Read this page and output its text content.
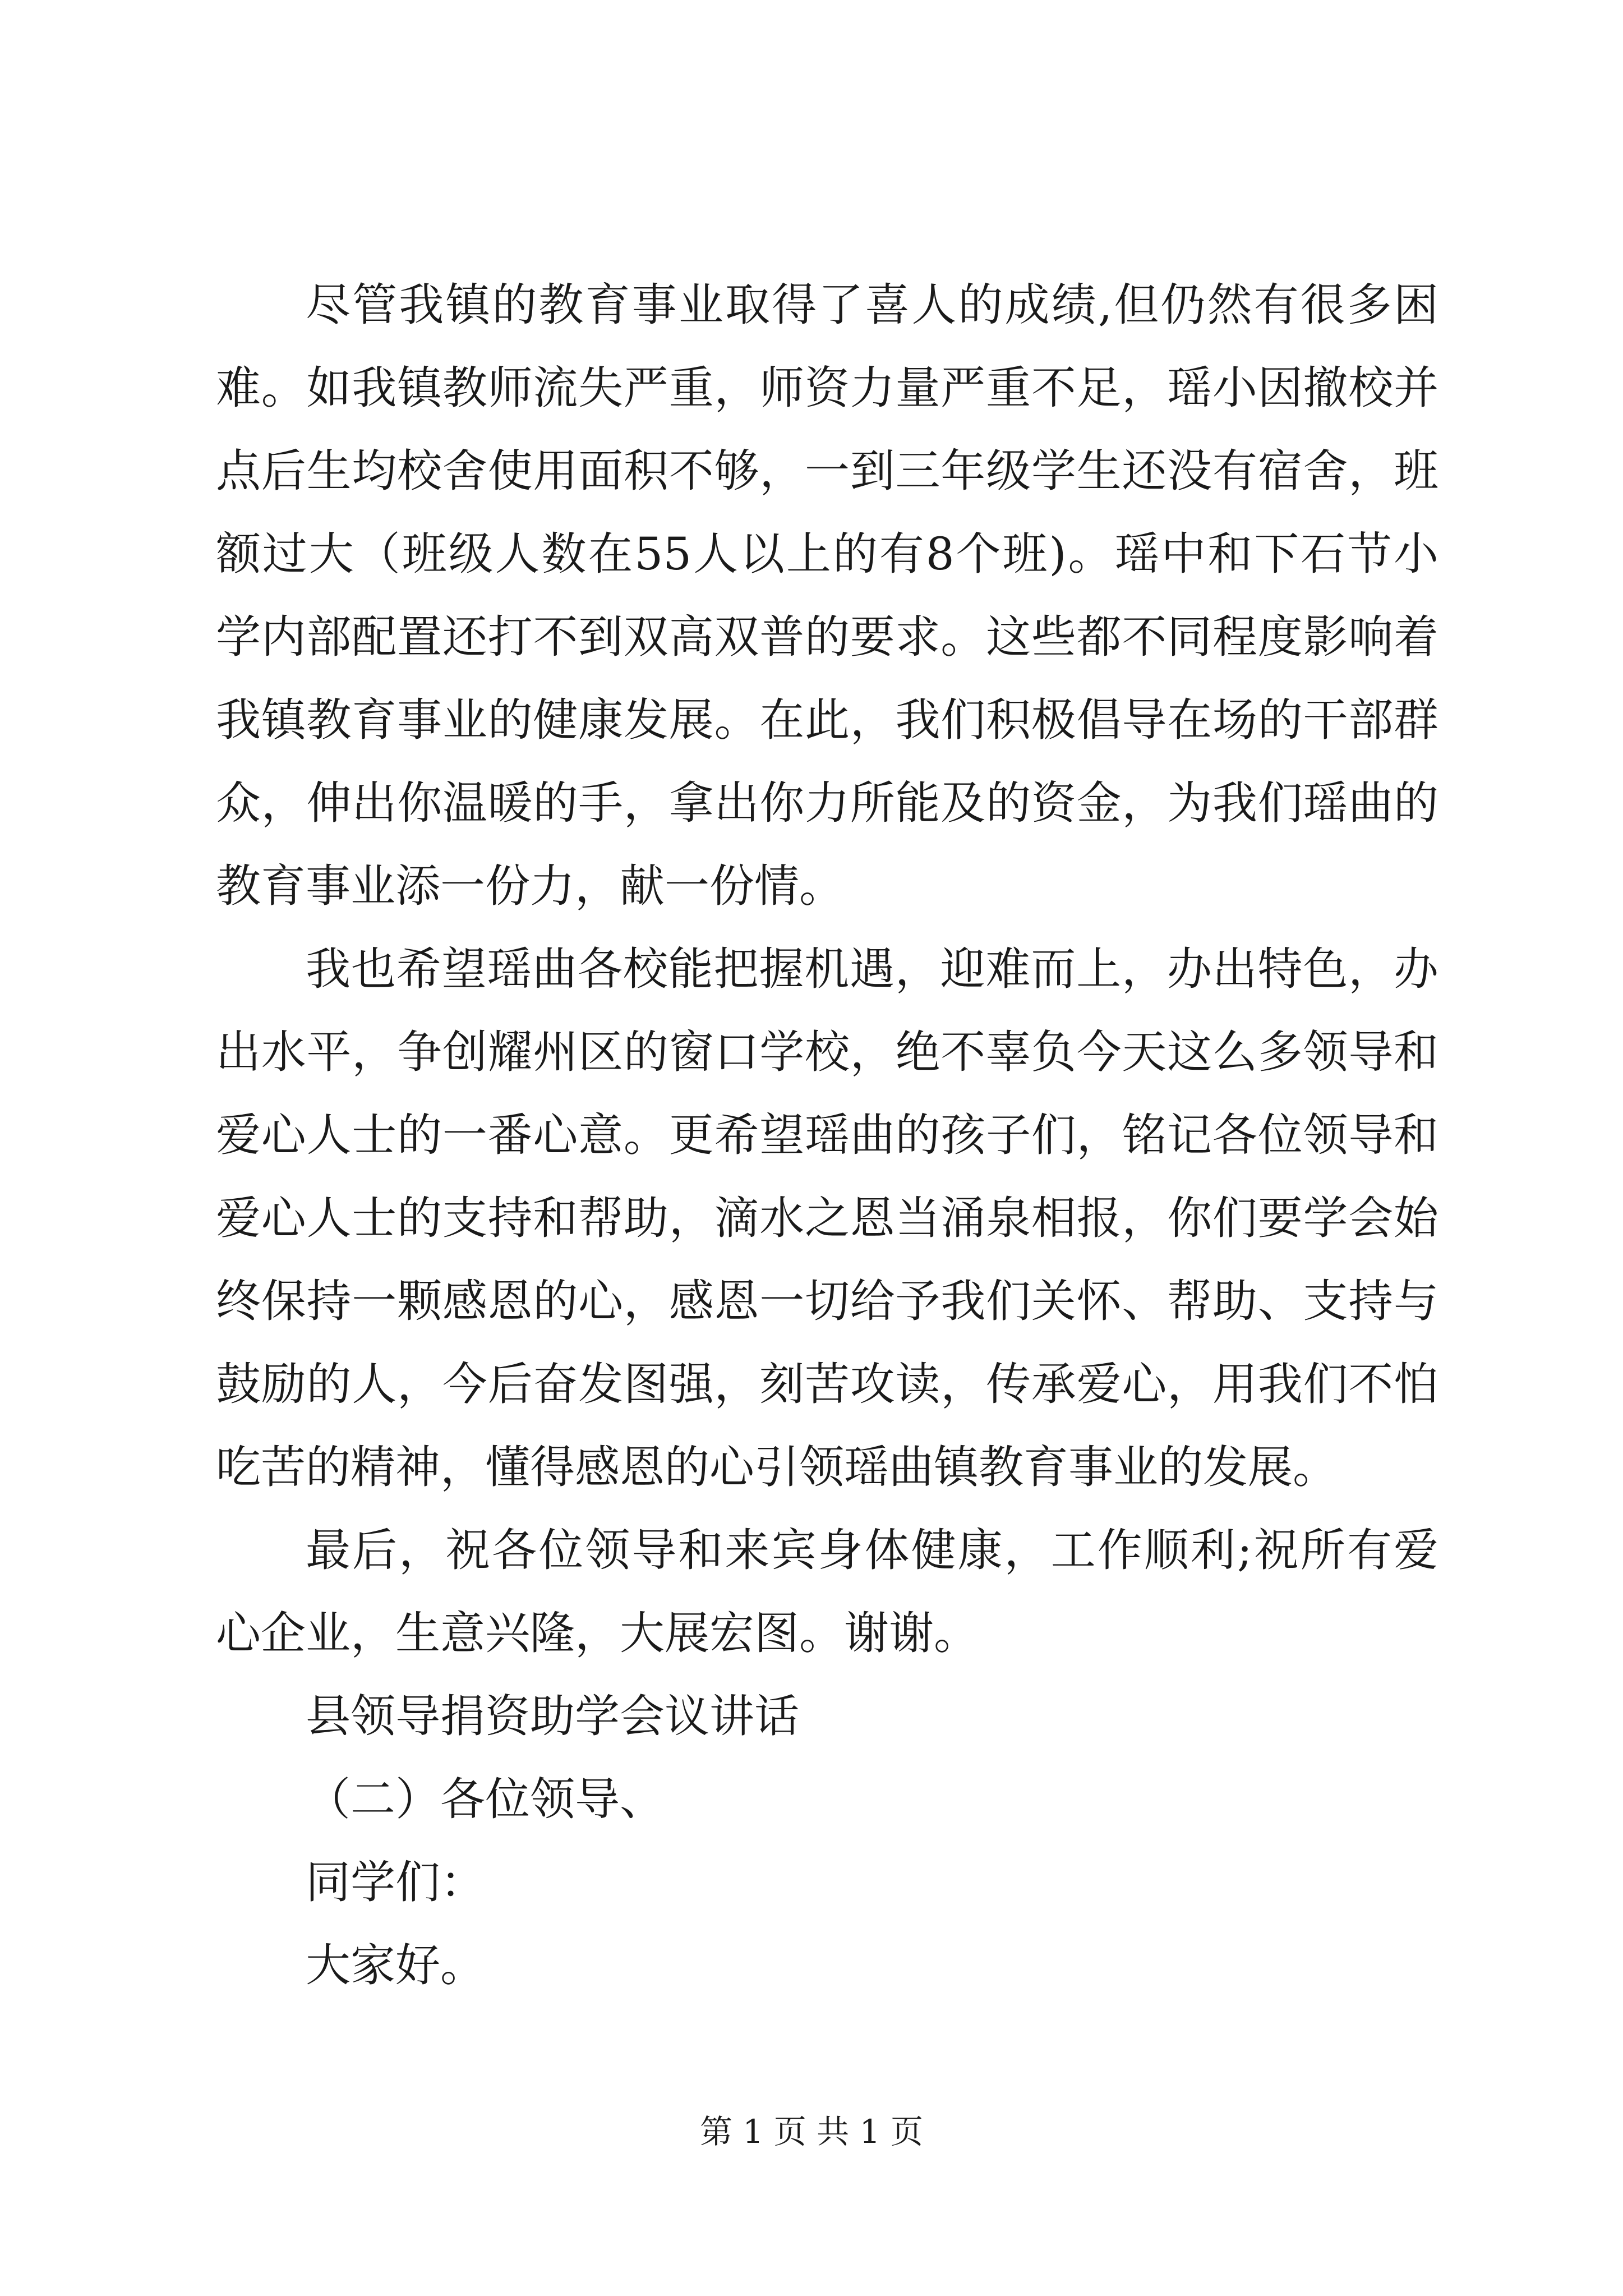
尽管我镇的教育事业取得了喜人的成绩,但仍然有很多困难。如我镇教师流失严重，师资力量严重不足，瑶小因撤校并点后生均校舍使用面积不够，一到三年级学生还没有宿舍，班额过大（班级人数在55人以上的有8个班)。瑶中和下石节小学内部配置还打不到双高双普的要求。这些都不同程度影响着我镇教育事业的健康发展。在此，我们积极倡导在场的干部群众，伸出你温暖的手，拿出你力所能及的资金，为我们瑶曲的教育事业添一份力，献一份情。

我也希望瑶曲各校能把握机遇，迎难而上，办出特色，办出水平，争创耀州区的窗口学校，绝不辜负今天这么多领导和爱心人士的一番心意。更希望瑶曲的孩子们，铭记各位领导和爱心人士的支持和帮助，滴水之恩当涌泉相报，你们要学会始终保持一颗感恩的心，感恩一切给予我们关怀、帮助、支持与鼓励的人，今后奋发图强，刻苦攻读，传承爱心，用我们不怕吃苦的精神，懂得感恩的心引领瑶曲镇教育事业的发展。

最后，祝各位领导和来宾身体健康，工作顺利;祝所有爱心企业，生意兴隆，大展宏图。谢谢。

县领导捐资助学会议讲话

（二）各位领导、

同学们：

大家好。

第 1 页 共 1 页
